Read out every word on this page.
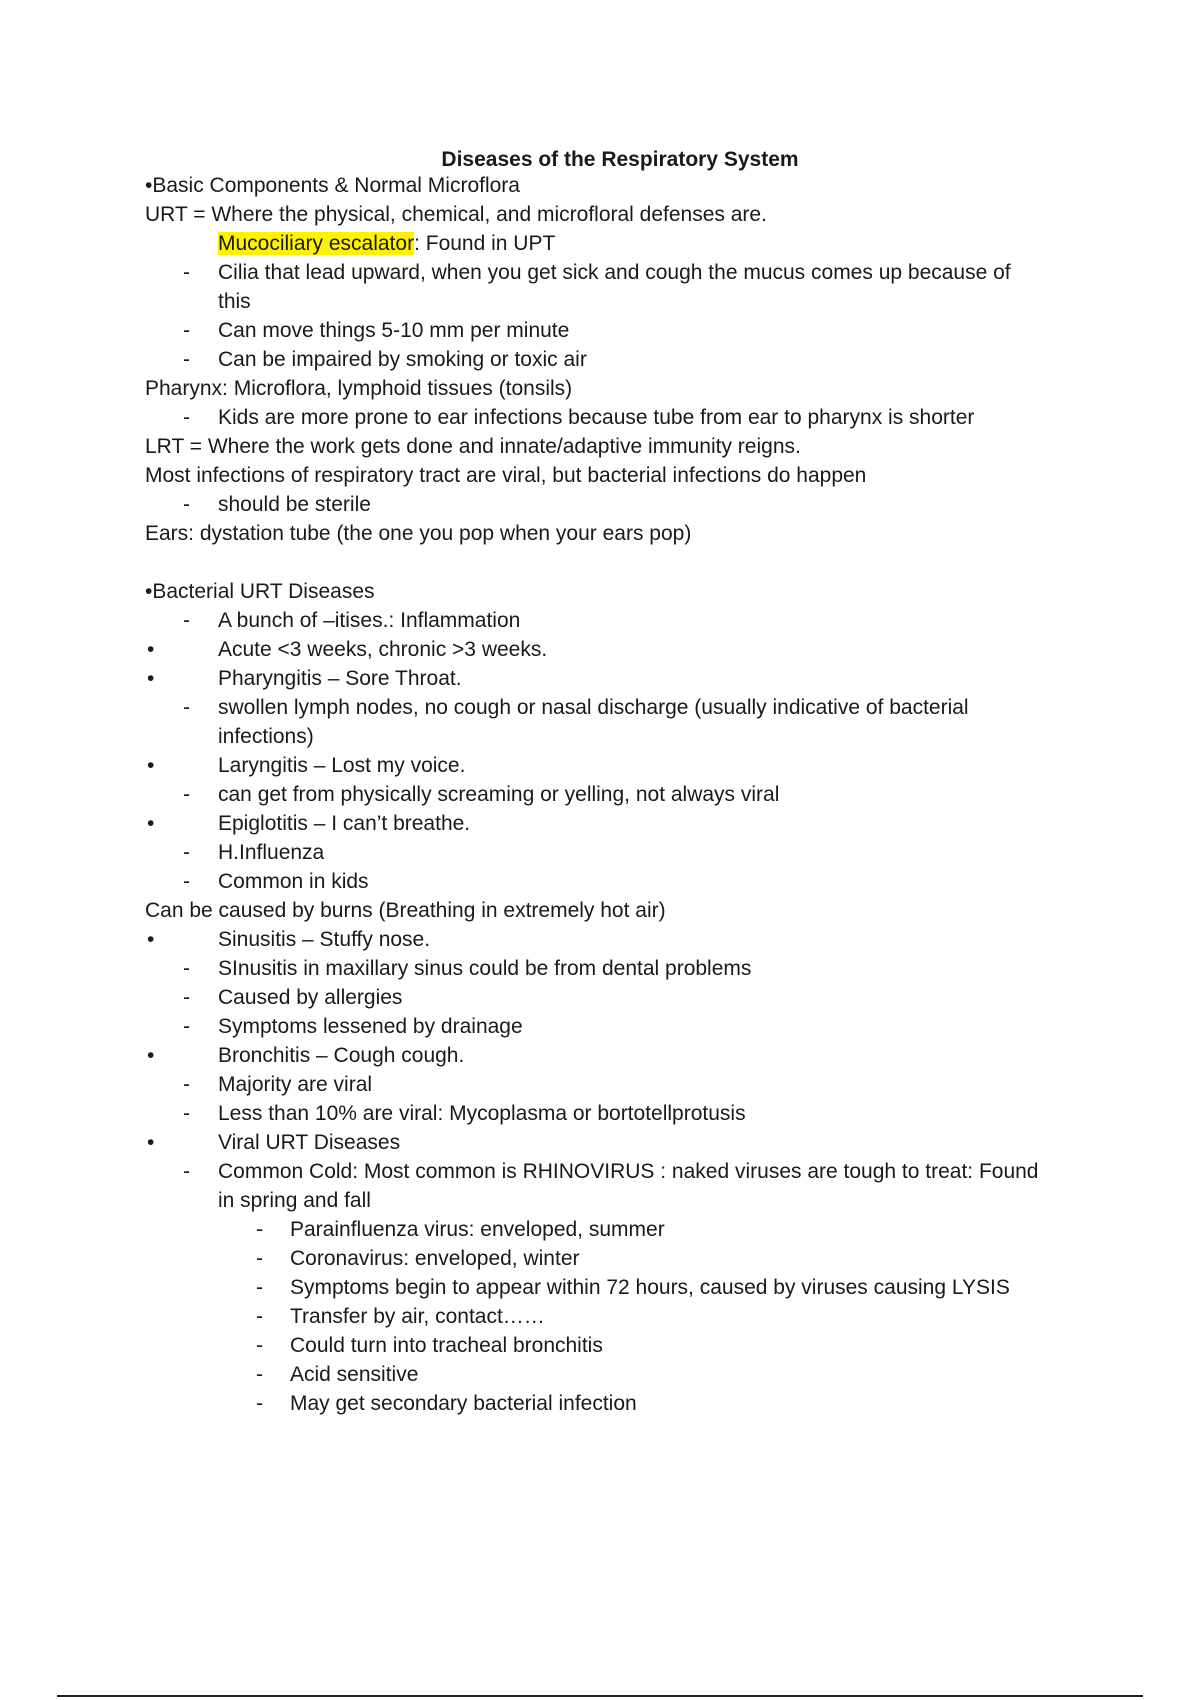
Diseases of the Respiratory System
•Basic Components & Normal Microflora
URT = Where the physical, chemical, and microfloral defenses are.
Mucociliary escalator: Found in UPT
- Cilia that lead upward, when you get sick and cough the mucus comes up because of
this
- Can move things 5-10 mm per minute
- Can be impaired by smoking or toxic air
Pharynx: Microflora, lymphoid tissues (tonsils)
- Kids are more prone to ear infections because tube from ear to pharynx is shorter
LRT = Where the work gets done and innate/adaptive immunity reigns.
Most infections of respiratory tract are viral, but bacterial infections do happen
- should be sterile
Ears: dystation tube (the one you pop when your ears pop)
•Bacterial URT Diseases
- A bunch of –itises.: Inflammation
•	Acute <3 weeks, chronic >3 weeks.
•	Pharyngitis – Sore Throat.
- swollen lymph nodes, no cough or nasal discharge (usually indicative of bacterial
infections)
•	Laryngitis – Lost my voice.
- can get from physically screaming or yelling, not always viral
•	Epiglotitis – I can’t breathe.
- H.Influenza
- Common in kids
Can be caused by burns (Breathing in extremely hot air)
•	Sinusitis – Stuffy nose.
- SInusitis in maxillary sinus could be from dental problems
- Caused by allergies
- Symptoms lessened by drainage
•	Bronchitis – Cough cough.
- Majority are viral
- Less than 10% are viral: Mycoplasma or bortotellprotusis
•	Viral URT Diseases
- Common Cold: Most common is RHINOVIRUS : naked viruses are tough to treat: Found
in spring and fall
- Parainfluenza virus: enveloped, summer
- Coronavirus: enveloped, winter
- Symptoms begin to appear within 72 hours, caused by viruses causing LYSIS
- Transfer by air, contact……
- Could turn into tracheal bronchitis
- Acid sensitive
- May get secondary bacterial infection
